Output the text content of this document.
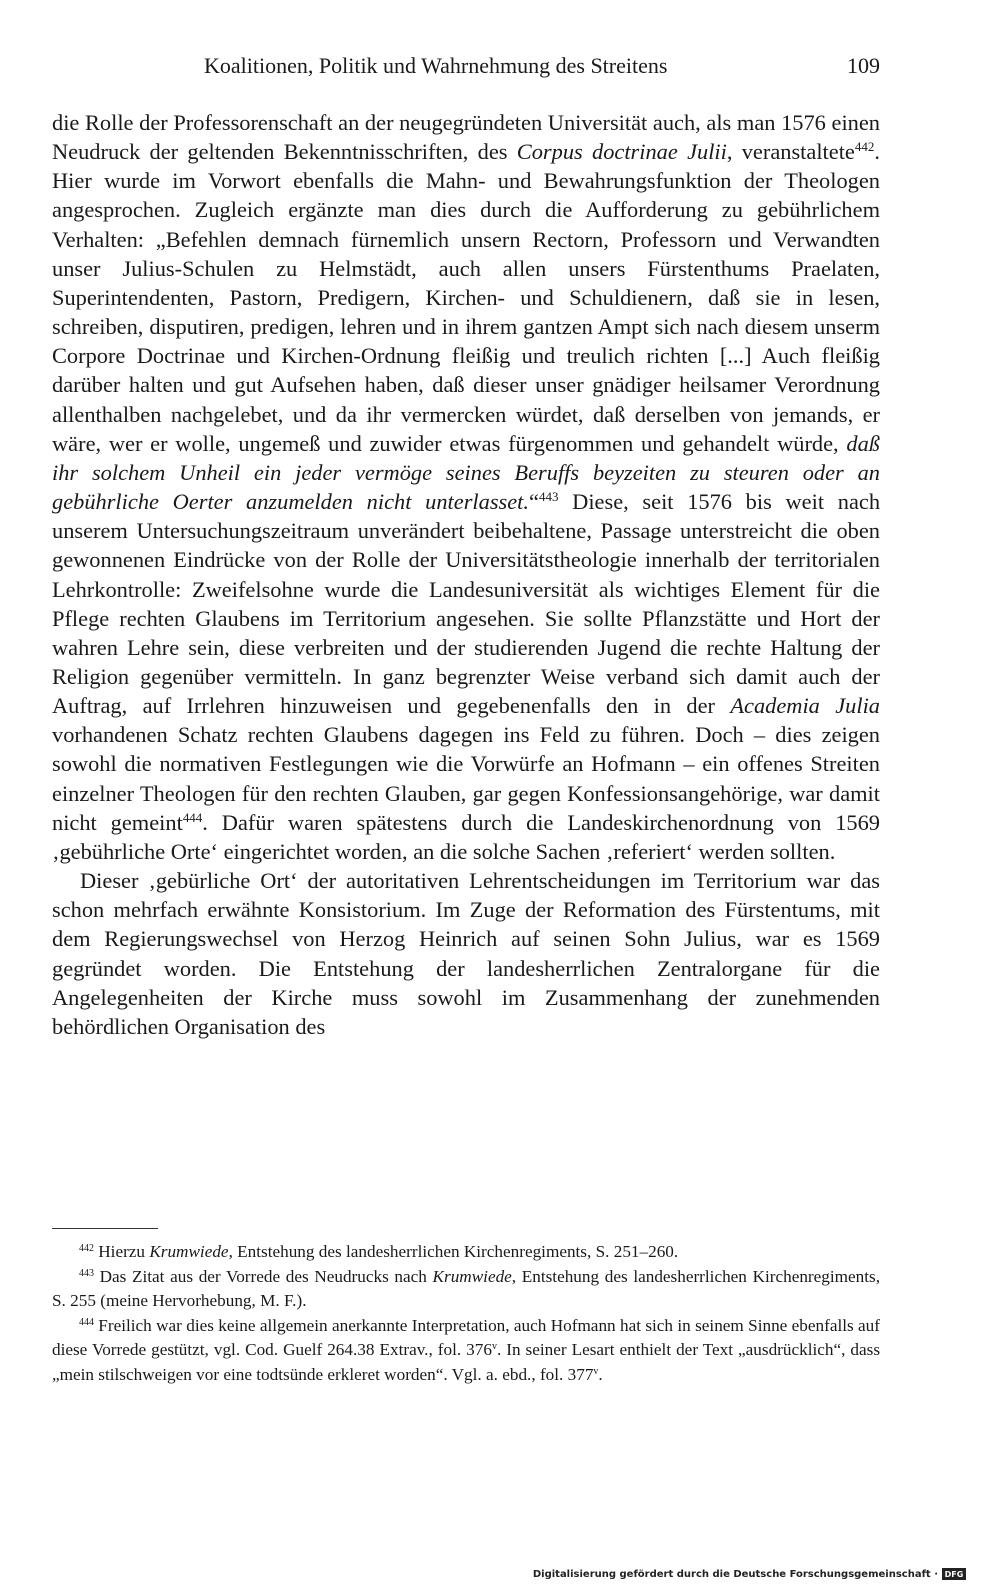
Koalitionen, Politik und Wahrnehmung des Streitens	109

die Rolle der Professorenschaft an der neugegründeten Universität auch, als man 1576 einen Neudruck der geltenden Bekenntnisschriften, des Corpus doctrinae Julii, veranstaltete$^{442}$. Hier wurde im Vorwort ebenfalls die Mahn- und Bewahrungsfunktion der Theologen angesprochen. Zugleich ergänzte man dies durch die Aufforderung zu gebührlichem Verhalten: „Befehlen demnach fürnemlich unsern Rectorn, Professorn und Verwandten unser Julius-Schulen zu Helmstädt, auch allen unsers Fürstenthums Praelaten, Superintendenten, Pastorn, Predigern, Kirchen- und Schuldienern, daß sie in lesen, schreiben, disputiren, predigen, lehren und in ihrem gantzen Ampt sich nach diesem unserm Corpore Doctrinae und Kirchen-Ordnung fleißig und treulich richten [...] Auch fleißig darüber halten und gut Aufsehen haben, daß dieser unser gnädiger heilsamer Verordnung allenthalben nachgelebet, und da ihr vermercken würdet, daß derselben von jemands, er wäre, wer er wolle, ungemeß und zuwider etwas fürgenommen und gehandelt würde, daß ihr solchem Unheil ein jeder vermöge seines Beruffs beyzeiten zu steuren oder an gebührliche Oerter anzumelden nicht unterlasset.“$^{443}$ Diese, seit 1576 bis weit nach unserem Untersuchungszeitraum unverändert beibehaltene, Passage unterstreicht die oben gewonnenen Eindrücke von der Rolle der Universitätstheologie innerhalb der territorialen Lehrkontrolle: Zweifelsohne wurde die Landesuniversität als wichtiges Element für die Pflege rechten Glaubens im Territorium angesehen. Sie sollte Pflanzstätte und Hort der wahren Lehre sein, diese verbreiten und der studierenden Jugend die rechte Haltung der Religion gegenüber vermitteln. In ganz begrenzter Weise verband sich damit auch der Auftrag, auf Irrlehren hinzuweisen und gegebenenfalls den in der Academia Julia vorhandenen Schatz rechten Glaubens dagegen ins Feld zu führen. Doch – dies zeigen sowohl die normativen Festlegungen wie die Vorwürfe an Hofmann – ein offenes Streiten einzelner Theologen für den rechten Glauben, gar gegen Konfessionsangehörige, war damit nicht gemeint$^{444}$. Dafür waren spätestens durch die Landeskirchenordnung von 1569 ‚gebührliche Orte‘ eingerichtet worden, an die solche Sachen ‚referiert‘ werden sollten.

Dieser ‚gebürliche Ort‘ der autoritativen Lehrentscheidungen im Territorium war das schon mehrfach erwähnte Konsistorium. Im Zuge der Reformation des Fürstentums, mit dem Regierungswechsel von Herzog Heinrich auf seinen Sohn Julius, war es 1569 gegründet worden. Die Entstehung der landesherrlichen Zentralorgane für die Angelegenheiten der Kirche muss sowohl im Zusammenhang der zunehmenden behördlichen Organisation des

$^{442}$ Hierzu Krumwiede, Entstehung des landesherrlichen Kirchenregiments, S. 251–260.

$^{443}$ Das Zitat aus der Vorrede des Neudrucks nach Krumwiede, Entstehung des landesherrlichen Kirchenregiments, S. 255 (meine Hervorhebung, M. F.).

$^{444}$ Freilich war dies keine allgemein anerkannte Interpretation, auch Hofmann hat sich in seinem Sinne ebenfalls auf diese Vorrede gestützt, vgl. Cod. Guelf 264.38 Extrav., fol. 376$^v$. In seiner Lesart enthielt der Text „ausdrücklich“, dass „mein stilschweigen vor eine todtsünde erkleret worden“. Vgl. a. ebd., fol. 377$^v$.

Digitalisierung gefördert durch die Deutsche Forschungsgemeinschaft · DFG
